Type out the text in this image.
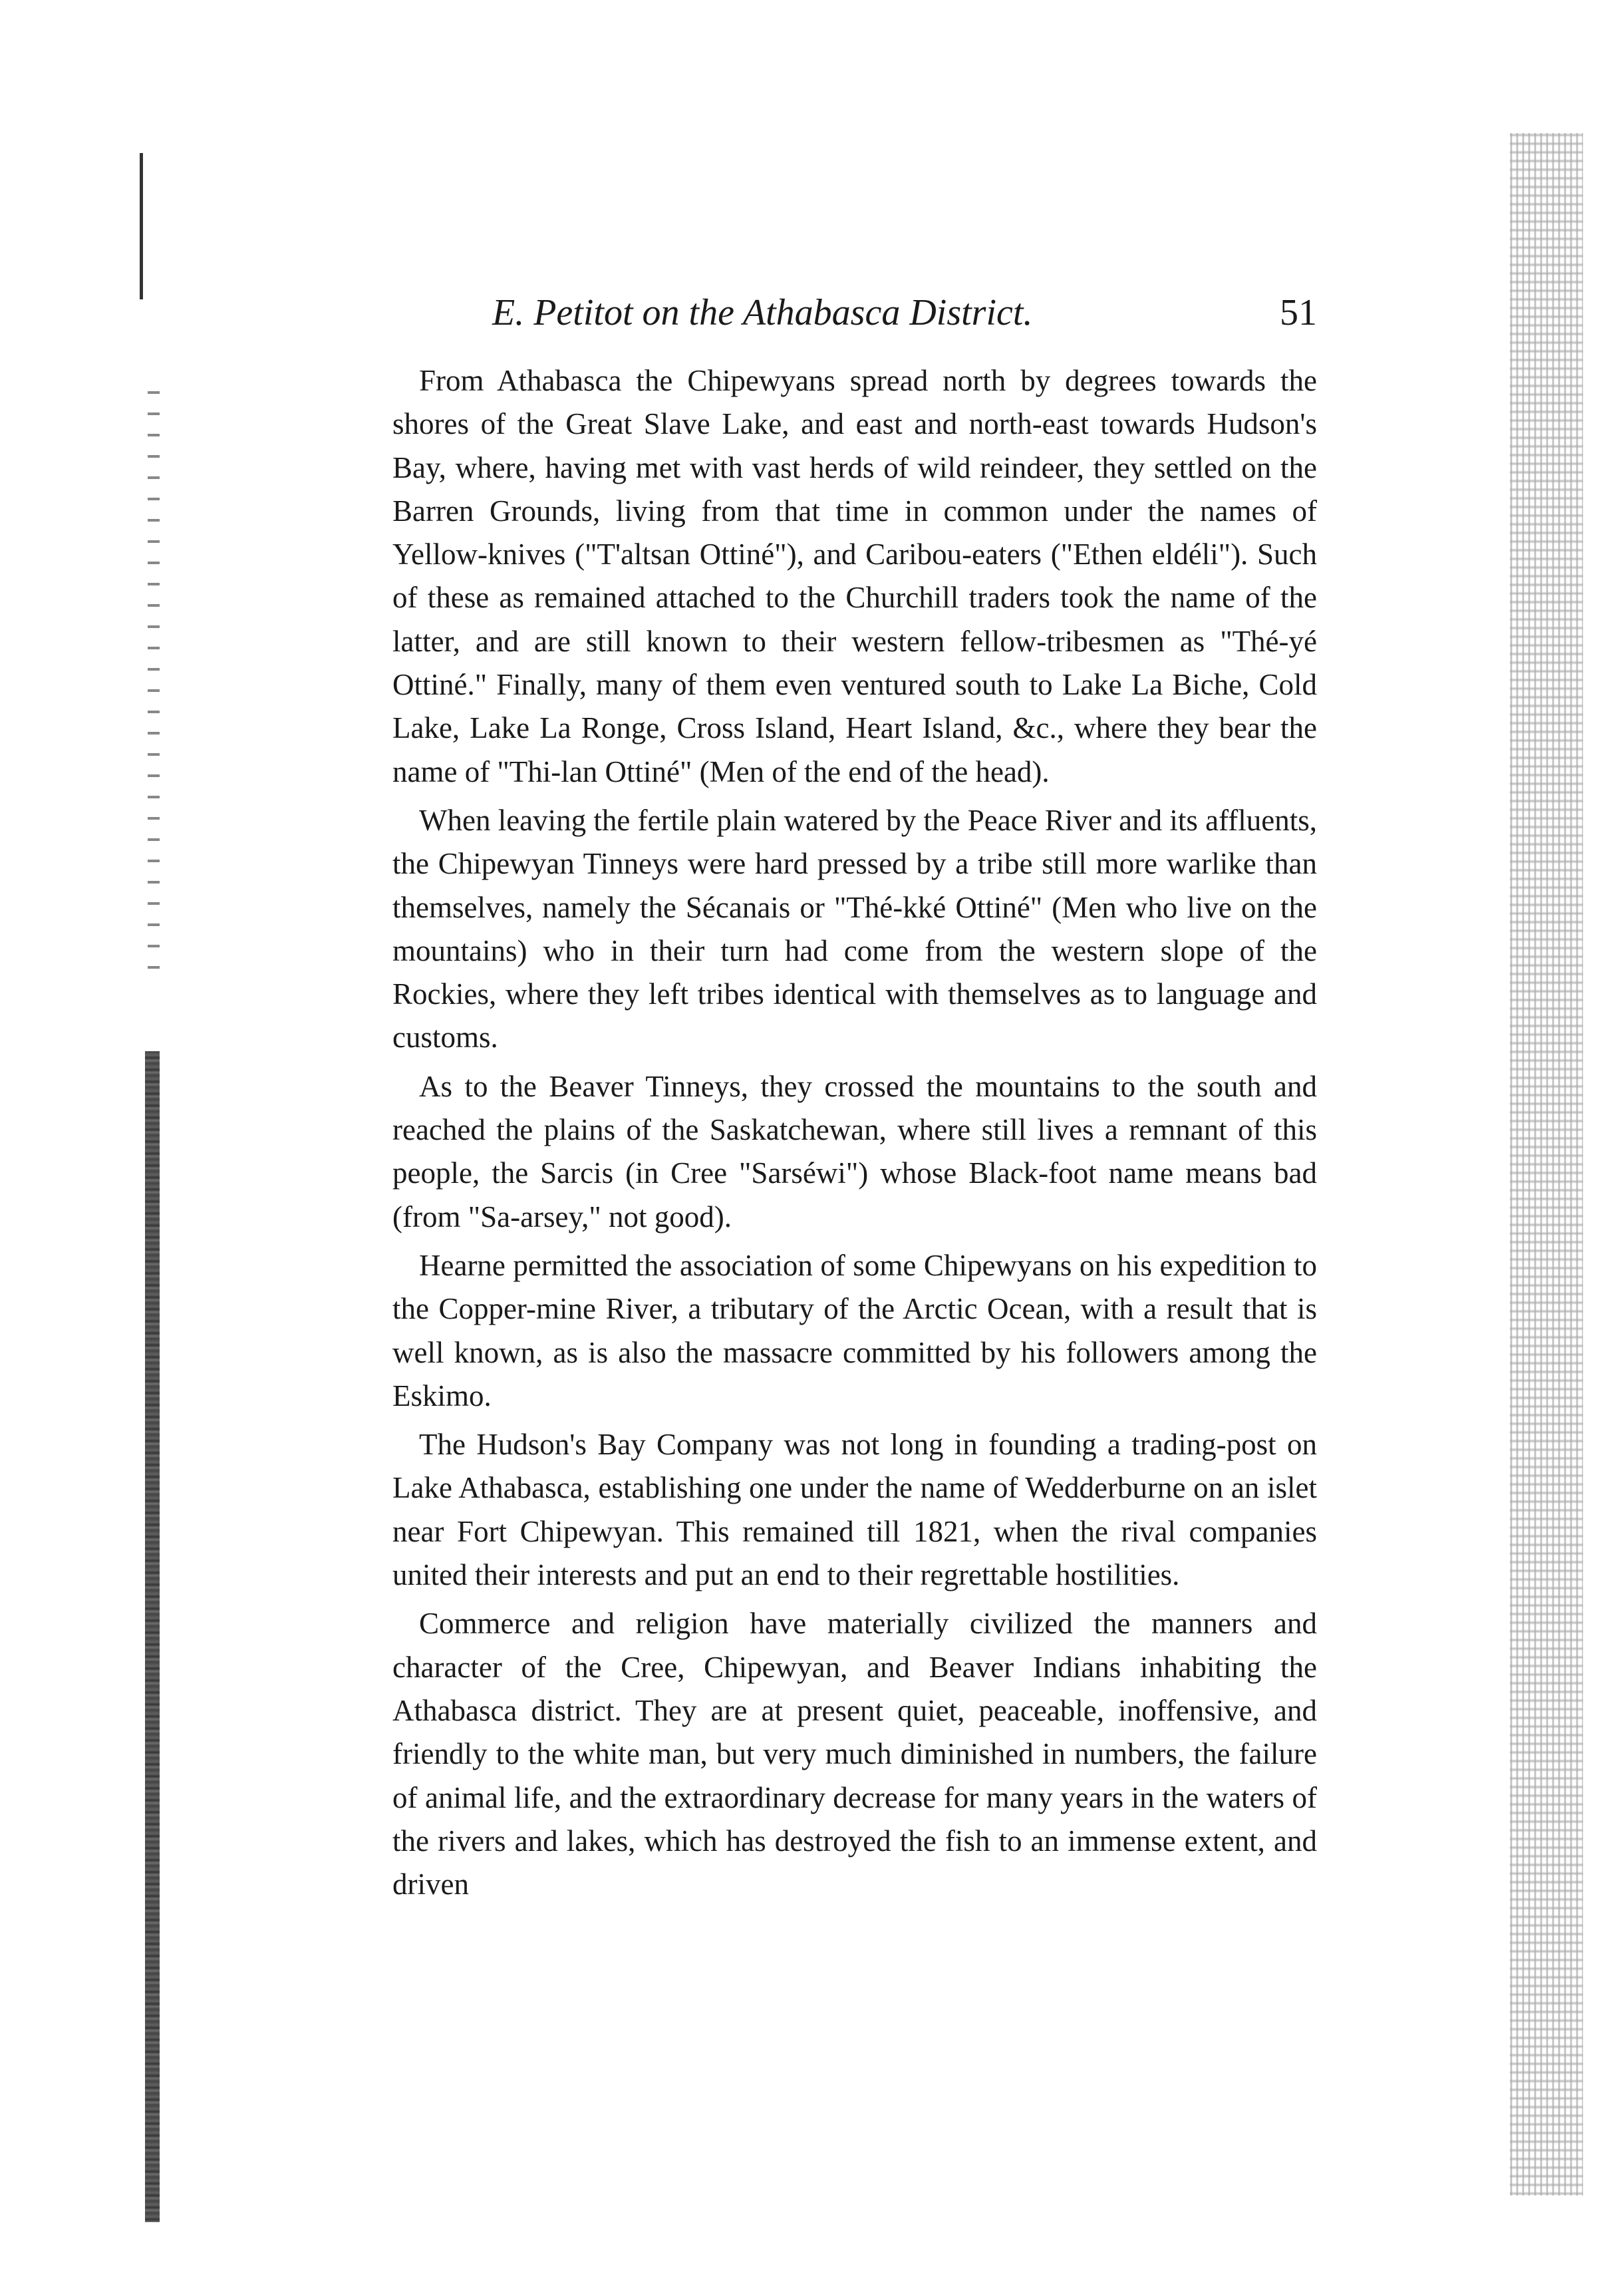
E. Petitot on the Athabasca District.	51

From Athabasca the Chipewyans spread north by degrees towards the shores of the Great Slave Lake, and east and north-east towards Hudson's Bay, where, having met with vast herds of wild reindeer, they settled on the Barren Grounds, living from that time in common under the names of Yellow-knives ("T'altsan Ottiné"), and Caribou-eaters ("Ethen eldéli"). Such of these as remained attached to the Churchill traders took the name of the latter, and are still known to their western fellow-tribesmen as "Thé-yé Ottiné." Finally, many of them even ventured south to Lake La Biche, Cold Lake, Lake La Ronge, Cross Island, Heart Island, &c., where they bear the name of "Thi-lan Ottiné" (Men of the end of the head).

When leaving the fertile plain watered by the Peace River and its affluents, the Chipewyan Tinneys were hard pressed by a tribe still more warlike than themselves, namely the Sécanais or "Thé-kké Ottiné" (Men who live on the mountains) who in their turn had come from the western slope of the Rockies, where they left tribes identical with themselves as to language and customs.

As to the Beaver Tinneys, they crossed the mountains to the south and reached the plains of the Saskatchewan, where still lives a remnant of this people, the Sarcis (in Cree "Sarséwi") whose Black-foot name means bad (from "Sa-arsey," not good).

Hearne permitted the association of some Chipewyans on his expedition to the Copper-mine River, a tributary of the Arctic Ocean, with a result that is well known, as is also the massacre committed by his followers among the Eskimo.

The Hudson's Bay Company was not long in founding a trading-post on Lake Athabasca, establishing one under the name of Wedderburne on an islet near Fort Chipewyan. This remained till 1821, when the rival companies united their interests and put an end to their regrettable hostilities.

Commerce and religion have materially civilized the manners and character of the Cree, Chipewyan, and Beaver Indians inhabiting the Athabasca district. They are at present quiet, peaceable, inoffensive, and friendly to the white man, but very much diminished in numbers, the failure of animal life, and the extraordinary decrease for many years in the waters of the rivers and lakes, which has destroyed the fish to an immense extent, and driven
